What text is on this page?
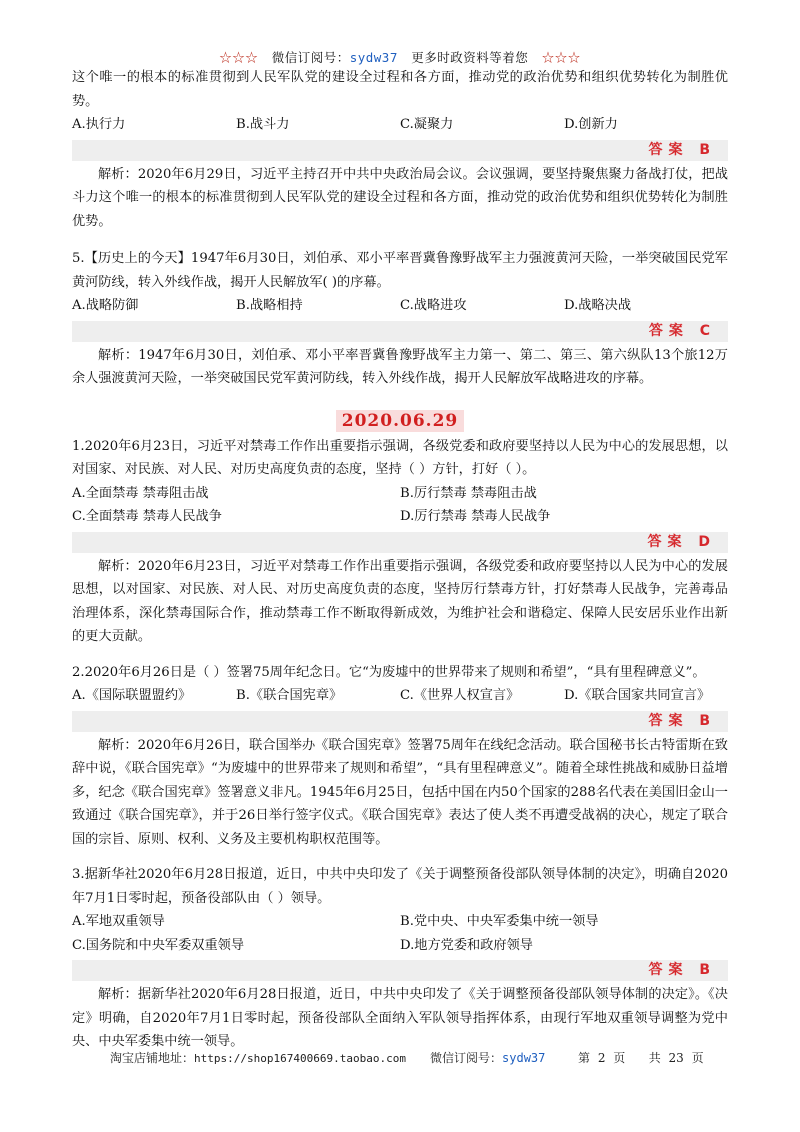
☆☆☆ 微信订阅号：sydw37 更多时政资料等着您 ☆☆☆

这个唯一的根本的标准贯彻到人民军队党的建设全过程和各方面，推动党的政治优势和组织优势转化为制胜优势。

A.执行力	B.战斗力	C.凝聚力	D.创新力
答案 B

解析：2020年6月29日，习近平主持召开中共中央政治局会议。会议强调，要坚持聚焦聚力备战打仗，把战斗力这个唯一的根本的标准贯彻到人民军队党的建设全过程和各方面，推动党的政治优势和组织优势转化为制胜优势。

5.【历史上的今天】1947年6月30日，刘伯承、邓小平率晋冀鲁豫野战军主力强渡黄河天险，一举突破国民党军黄河防线，转入外线作战，揭开人民解放军( )的序幕。

A.战略防御	B.战略相持	C.战略进攻	D.战略决战
答案 C

解析：1947年6月30日，刘伯承、邓小平率晋冀鲁豫野战军主力第一、第二、第三、第六纵队13个旅12万余人强渡黄河天险，一举突破国民党军黄河防线，转入外线作战，揭开人民解放军战略进攻的序幕。

2020.06.29

1.2020年6月23日，习近平对禁毒工作作出重要指示强调，各级党委和政府要坚持以人民为中心的发展思想，以对国家、对民族、对人民、对历史高度负责的态度，坚持（ ）方针，打好（ ）。

A.全面禁毒 禁毒阻击战	B.厉行禁毒 禁毒阻击战
C.全面禁毒 禁毒人民战争	D.厉行禁毒 禁毒人民战争
答案 D

解析：2020年6月23日，习近平对禁毒工作作出重要指示强调，各级党委和政府要坚持以人民为中心的发展思想，以对国家、对民族、对人民、对历史高度负责的态度，坚持厉行禁毒方针，打好禁毒人民战争，完善毒品治理体系，深化禁毒国际合作，推动禁毒工作不断取得新成效，为维护社会和谐稳定、保障人民安居乐业作出新的更大贡献。

2.2020年6月26日是（ ）签署75周年纪念日。它“为废墟中的世界带来了规则和希望”，“具有里程碑意义”。

A.《国际联盟盟约》	B.《联合国宪章》	C.《世界人权宣言》	D.《联合国家共同宣言》
答案 B

解析：2020年6月26日，联合国举办《联合国宪章》签署75周年在线纪念活动。联合国秘书长古特雷斯在致辞中说，《联合国宪章》“为废墟中的世界带来了规则和希望”，“具有里程碑意义”。随着全球性挑战和威胁日益增多，纪念《联合国宪章》签署意义非凡。1945年6月25日，包括中国在内50个国家的288名代表在美国旧金山一致通过《联合国宪章》，并于26日举行签字仪式。《联合国宪章》表达了使人类不再遭受战祸的决心，规定了联合国的宗旨、原则、权利、义务及主要机构职权范围等。

3.据新华社2020年6月28日报道，近日，中共中央印发了《关于调整预备役部队领导体制的决定》，明确自2020年7月1日零时起，预备役部队由（ ）领导。

A.军地双重领导	B.党中央、中央军委集中统一领导
C.国务院和中央军委双重领导	D.地方党委和政府领导
答案 B

解析：据新华社2020年6月28日报道，近日，中共中央印发了《关于调整预备役部队领导体制的决定》。《决定》明确，自2020年7月1日零时起，预备役部队全面纳入军队领导指挥体系，由现行军地双重领导调整为党中央、中央军委集中统一领导。

淘宝店铺地址：https://shop167400669.taobao.com 微信订阅号：sydw37	第 2 页 共 23 页
